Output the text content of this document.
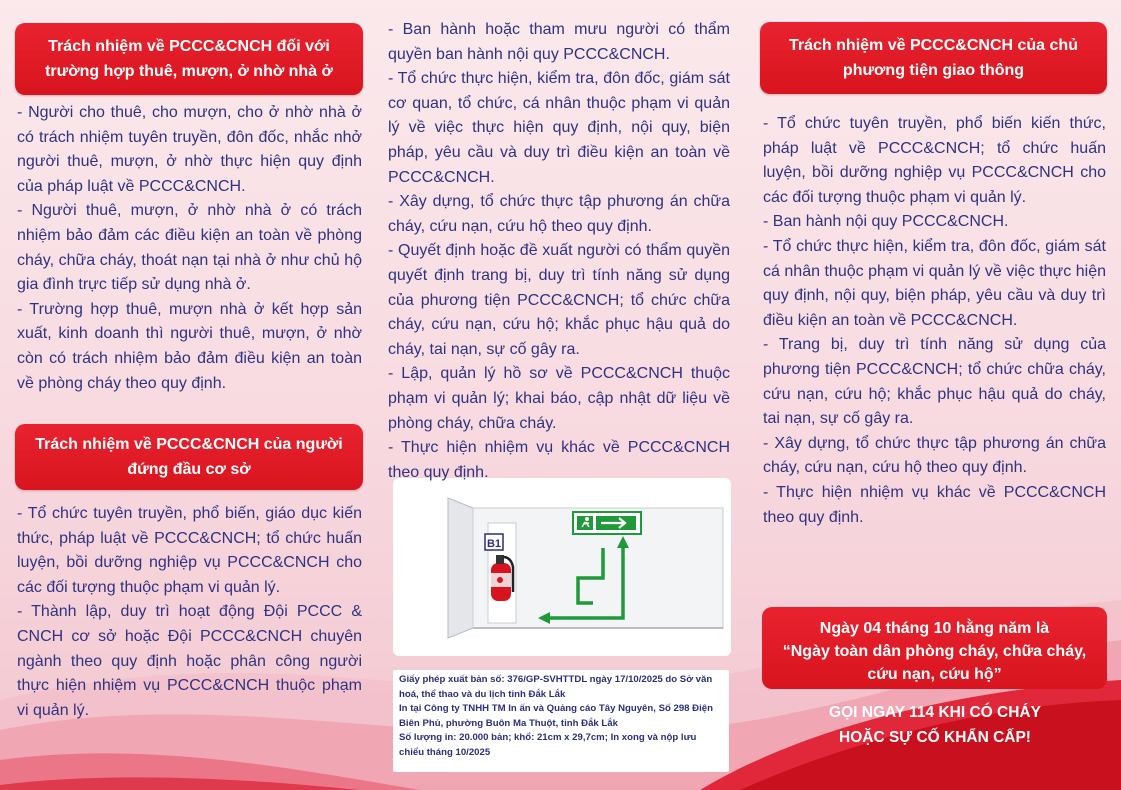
Trách nhiệm về PCCC&CNCH đối với trường hợp thuê, mượn, ở nhờ nhà ở

- Người cho thuê, cho mượn, cho ở nhờ nhà ở có trách nhiệm tuyên truyền, đôn đốc, nhắc nhở người thuê, mượn, ở nhờ thực hiện quy định của pháp luật về PCCC&CNCH.

- Người thuê, mượn, ở nhờ nhà ở có trách nhiệm bảo đảm các điều kiện an toàn về phòng cháy, chữa cháy, thoát nạn tại nhà ở như chủ hộ gia đình trực tiếp sử dụng nhà ở.

- Trường hợp thuê, mượn nhà ở kết hợp sản xuất, kinh doanh thì người thuê, mượn, ở nhờ còn có trách nhiệm bảo đảm điều kiện an toàn về phòng cháy theo quy định.

Trách nhiệm về PCCC&CNCH của người đứng đầu cơ sở

- Tổ chức tuyên truyền, phổ biến, giáo dục kiến thức, pháp luật về PCCC&CNCH; tổ chức huấn luyện, bồi dưỡng nghiệp vụ PCCC&CNCH cho các đối tượng thuộc phạm vi quản lý.

- Thành lập, duy trì hoạt động Đội PCCC & CNCH cơ sở hoặc Đội PCCC&CNCH chuyên ngành theo quy định hoặc phân công người thực hiện nhiệm vụ PCCC&CNCH thuộc phạm vi quản lý.

- Ban hành hoặc tham mưu người có thẩm quyền ban hành nội quy PCCC&CNCH.

- Tổ chức thực hiện, kiểm tra, đôn đốc, giám sát cơ quan, tổ chức, cá nhân thuộc phạm vi quản lý về việc thực hiện quy định, nội quy, biện pháp, yêu cầu và duy trì điều kiện an toàn về PCCC&CNCH.

- Xây dựng, tổ chức thực tập phương án chữa cháy, cứu nạn, cứu hộ theo quy định.

- Quyết định hoặc đề xuất người có thẩm quyền quyết định trang bị, duy trì tính năng sử dụng của phương tiện PCCC&CNCH; tổ chức chữa cháy, cứu nạn, cứu hộ; khắc phục hậu quả do cháy, tai nạn, sự cố gây ra.

- Lập, quản lý hồ sơ về PCCC&CNCH thuộc phạm vi quản lý; khai báo, cập nhật dữ liệu về phòng cháy, chữa cháy.

- Thực hiện nhiệm vụ khác về PCCC&CNCH theo quy định.

B1

Giấy phép xuất bản số: 376/GP-SVHTTDL ngày 17/10/2025 do Sở văn hoá, thể thao và du lịch tỉnh Đắk Lắk

In tại Công ty TNHH TM In ấn và Quảng cáo Tây Nguyên, Số 298 Điện Biên Phủ, phường Buôn Ma Thuột, tỉnh Đắk Lắk

Số lượng in: 20.000 bản; khổ: 21cm x 29,7cm; In xong và nộp lưu chiểu tháng 10/2025

Trách nhiệm về PCCC&CNCH của chủ phương tiện giao thông

- Tổ chức tuyên truyền, phổ biến kiến thức, pháp luật về PCCC&CNCH; tổ chức huấn luyện, bồi dưỡng nghiệp vụ PCCC&CNCH cho các đối tượng thuộc phạm vi quản lý.

- Ban hành nội quy PCCC&CNCH.

- Tổ chức thực hiện, kiểm tra, đôn đốc, giám sát cá nhân thuộc phạm vi quản lý về việc thực hiện quy định, nội quy, biện pháp, yêu cầu và duy trì điều kiện an toàn về PCCC&CNCH.

- Trang bị, duy trì tính năng sử dụng của phương tiện PCCC&CNCH; tổ chức chữa cháy, cứu nạn, cứu hộ; khắc phục hậu quả do cháy, tai nạn, sự cố gây ra.

- Xây dựng, tổ chức thực tập phương án chữa cháy, cứu nạn, cứu hộ theo quy định.

- Thực hiện nhiệm vụ khác về PCCC&CNCH theo quy định.

Ngày 04 tháng 10 hằng năm là
“Ngày toàn dân phòng cháy, chữa cháy, cứu nạn, cứu hộ”

GỌI NGAY 114 KHI CÓ CHÁY

HOẶC SỰ CỐ KHẨN CẤP!
